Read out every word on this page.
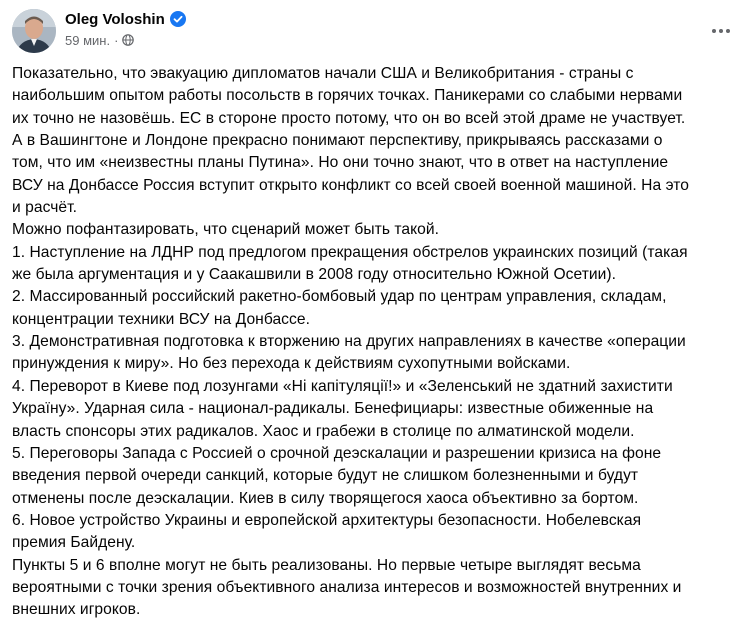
Oleg Voloshin
59 мин. ·

Показательно, что эвакуацию дипломатов начали США и Великобритания - страны с

наибольшим опытом работы посольств в горячих точках. Паникерами со слабыми нервами

их точно не назовёшь. ЕС в стороне просто потому, что он во всей этой драме не участвует.

А в Вашингтоне и Лондоне прекрасно понимают перспективу, прикрываясь рассказами о

том, что им «неизвестны планы Путина». Но они точно знают, что в ответ на наступление

ВСУ на Донбассе Россия вступит открыто конфликт со всей своей военной машиной. На это

и расчёт.

Можно пофантазировать, что сценарий может быть такой.

1. Наступление на ЛДНР под предлогом прекращения обстрелов украинских позиций (такая

же была аргументация и у Саакашвили в 2008 году относительно Южной Осетии).

2. Массированный российский ракетно-бомбовый удар по центрам управления, складам,

концентрации техники ВСУ на Донбассе.

3. Демонстративная подготовка к вторжению на других направлениях в качестве «операции

принуждения к миру». Но без перехода к действиям сухопутными войсками.

4. Переворот в Киеве под лозунгами «Ні капітуляції!» и «Зеленський не здатний захистити

Україну». Ударная сила - национал-радикалы. Бенефициары: известные обиженные на

власть спонсоры этих радикалов. Хаос и грабежи в столице по алматинской модели.

5. Переговоры Запада с Россией о срочной деэскалации и разрешении кризиса на фоне

введения первой очереди санкций, которые будут не слишком болезненными и будут

отменены после деэскалации. Киев в силу творящегося хаоса объективно за бортом.

6. Новое устройство Украины и европейской архитектуры безопасности. Нобелевская

премия Байдену.

Пункты 5 и 6 вполне могут не быть реализованы. Но первые четыре выглядят весьма

вероятными с точки зрения объективного анализа интересов и возможностей внутренних и

внешних игроков.
